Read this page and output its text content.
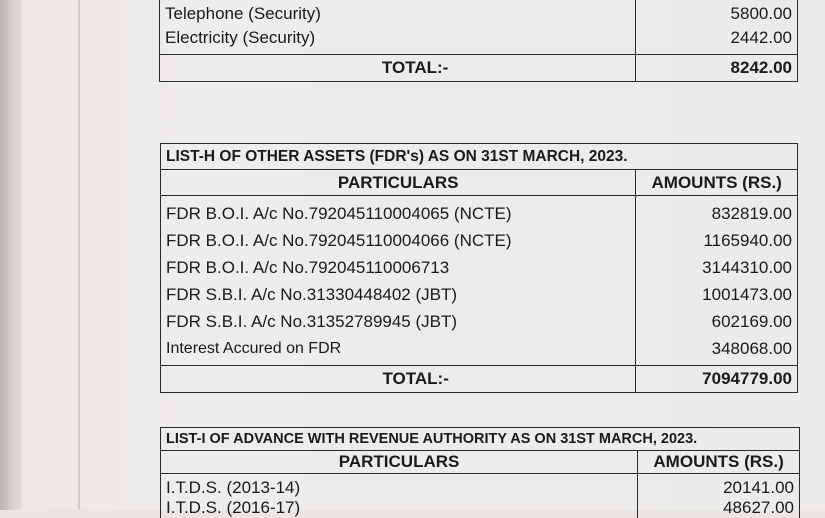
Telephone (Security)	5800.00
Electricity (Security)	2442.00
TOTAL:-	8242.00
LIST-H OF OTHER ASSETS (FDR's) AS ON 31ST MARCH, 2023.	
PARTICULARS	AMOUNTS (RS.)
FDR B.O.I. A/c No.792045110004065 (NCTE)	832819.00
FDR B.O.I. A/c No.792045110004066 (NCTE)	1165940.00
FDR B.O.I. A/c No.792045110006713	3144310.00
FDR S.B.I. A/c No.31330448402 (JBT)	1001473.00
FDR S.B.I. A/c No.31352789945 (JBT)	602169.00
Interest Accured on FDR	348068.00
TOTAL:-	7094779.00
LIST-I OF ADVANCE WITH REVENUE AUTHORITY AS ON 31ST MARCH, 2023.	
PARTICULARS	AMOUNTS (RS.)
I.T.D.S. (2013-14)	20141.00
I.T.D.S. (2016-17)	48627.00
